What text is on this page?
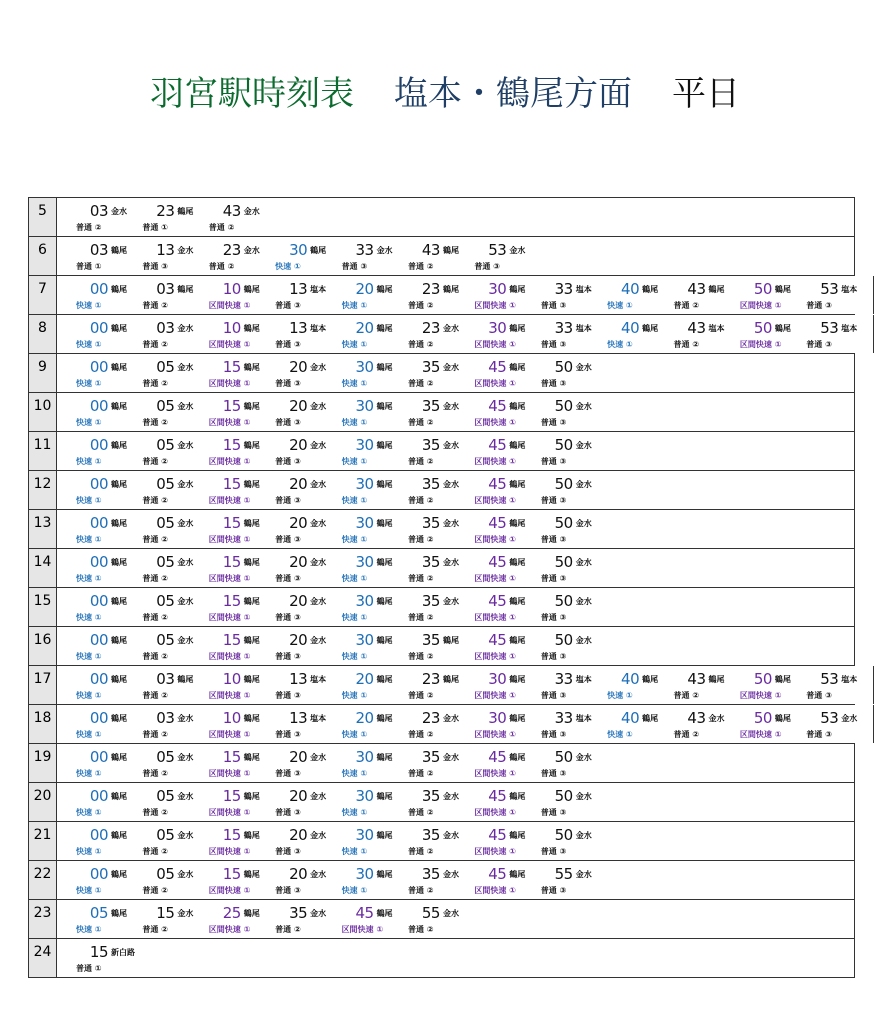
羽宮駅時刻表 塩本・鶴尾方面 平日
5	03 金水
普通 ②
23 鶴尾
普通 ①
43 金水
普通 ②
6	03 鶴尾
普通 ①
13 金水
普通 ③
23 金水
普通 ②
30 鶴尾
快速 ①
33 金水
普通 ③
43 鶴尾
普通 ②
53 金水
普通 ③
7	00 鶴尾
快速 ①
03 鶴尾
普通 ②
10 鶴尾
区間快速 ①
13 塩本
普通 ③
20 鶴尾
快速 ①
23 鶴尾
普通 ②
30 鶴尾
区間快速 ①
33 塩本
普通 ③
40 鶴尾
快速 ①
43 鶴尾
普通 ②
50 鶴尾
区間快速 ①
53 塩本
普通 ③
8	00 鶴尾
快速 ①
03 金水
普通 ②
10 鶴尾
区間快速 ①
13 塩本
普通 ③
20 鶴尾
快速 ①
23 金水
普通 ②
30 鶴尾
区間快速 ①
33 塩本
普通 ③
40 鶴尾
快速 ①
43 塩本
普通 ②
50 鶴尾
区間快速 ①
53 塩本
普通 ③
9	00 鶴尾
快速 ①
05 金水
普通 ②
15 鶴尾
区間快速 ①
20 金水
普通 ③
30 鶴尾
快速 ①
35 金水
普通 ②
45 鶴尾
区間快速 ①
50 金水
普通 ③
10	00 鶴尾
快速 ①
05 金水
普通 ②
15 鶴尾
区間快速 ①
20 金水
普通 ③
30 鶴尾
快速 ①
35 金水
普通 ②
45 鶴尾
区間快速 ①
50 金水
普通 ③
11	00 鶴尾
快速 ①
05 金水
普通 ②
15 鶴尾
区間快速 ①
20 金水
普通 ③
30 鶴尾
快速 ①
35 金水
普通 ②
45 鶴尾
区間快速 ①
50 金水
普通 ③
12	00 鶴尾
快速 ①
05 金水
普通 ②
15 鶴尾
区間快速 ①
20 金水
普通 ③
30 鶴尾
快速 ①
35 金水
普通 ②
45 鶴尾
区間快速 ①
50 金水
普通 ③
13	00 鶴尾
快速 ①
05 金水
普通 ②
15 鶴尾
区間快速 ①
20 金水
普通 ③
30 鶴尾
快速 ①
35 金水
普通 ②
45 鶴尾
区間快速 ①
50 金水
普通 ③
14	00 鶴尾
快速 ①
05 金水
普通 ②
15 鶴尾
区間快速 ①
20 金水
普通 ③
30 鶴尾
快速 ①
35 金水
普通 ②
45 鶴尾
区間快速 ①
50 金水
普通 ③
15	00 鶴尾
快速 ①
05 金水
普通 ②
15 鶴尾
区間快速 ①
20 金水
普通 ③
30 鶴尾
快速 ①
35 金水
普通 ②
45 鶴尾
区間快速 ①
50 金水
普通 ③
16	00 鶴尾
快速 ①
05 金水
普通 ②
15 鶴尾
区間快速 ①
20 金水
普通 ③
30 鶴尾
快速 ①
35 鶴尾
普通 ②
45 鶴尾
区間快速 ①
50 金水
普通 ③
17	00 鶴尾
快速 ①
03 鶴尾
普通 ②
10 鶴尾
区間快速 ①
13 塩本
普通 ③
20 鶴尾
快速 ①
23 鶴尾
普通 ②
30 鶴尾
区間快速 ①
33 塩本
普通 ③
40 鶴尾
快速 ①
43 鶴尾
普通 ②
50 鶴尾
区間快速 ①
53 塩本
普通 ③
18	00 鶴尾
快速 ①
03 金水
普通 ②
10 鶴尾
区間快速 ①
13 塩本
普通 ③
20 鶴尾
快速 ①
23 金水
普通 ②
30 鶴尾
区間快速 ①
33 塩本
普通 ③
40 鶴尾
快速 ①
43 金水
普通 ②
50 鶴尾
区間快速 ①
53 金水
普通 ③
19	00 鶴尾
快速 ①
05 金水
普通 ②
15 鶴尾
区間快速 ①
20 金水
普通 ③
30 鶴尾
快速 ①
35 金水
普通 ②
45 鶴尾
区間快速 ①
50 金水
普通 ③
20	00 鶴尾
快速 ①
05 金水
普通 ②
15 鶴尾
区間快速 ①
20 金水
普通 ③
30 鶴尾
快速 ①
35 金水
普通 ②
45 鶴尾
区間快速 ①
50 金水
普通 ③
21	00 鶴尾
快速 ①
05 金水
普通 ②
15 鶴尾
区間快速 ①
20 金水
普通 ③
30 鶴尾
快速 ①
35 金水
普通 ②
45 鶴尾
区間快速 ①
50 金水
普通 ③
22	00 鶴尾
快速 ①
05 金水
普通 ②
15 鶴尾
区間快速 ①
20 金水
普通 ③
30 鶴尾
快速 ①
35 金水
普通 ②
45 鶴尾
区間快速 ①
55 金水
普通 ③
23	05 鶴尾
快速 ①
15 金水
普通 ②
25 鶴尾
区間快速 ①
35 金水
普通 ②
45 鶴尾
区間快速 ①
55 金水
普通 ②
24	15 新白路
普通 ①
